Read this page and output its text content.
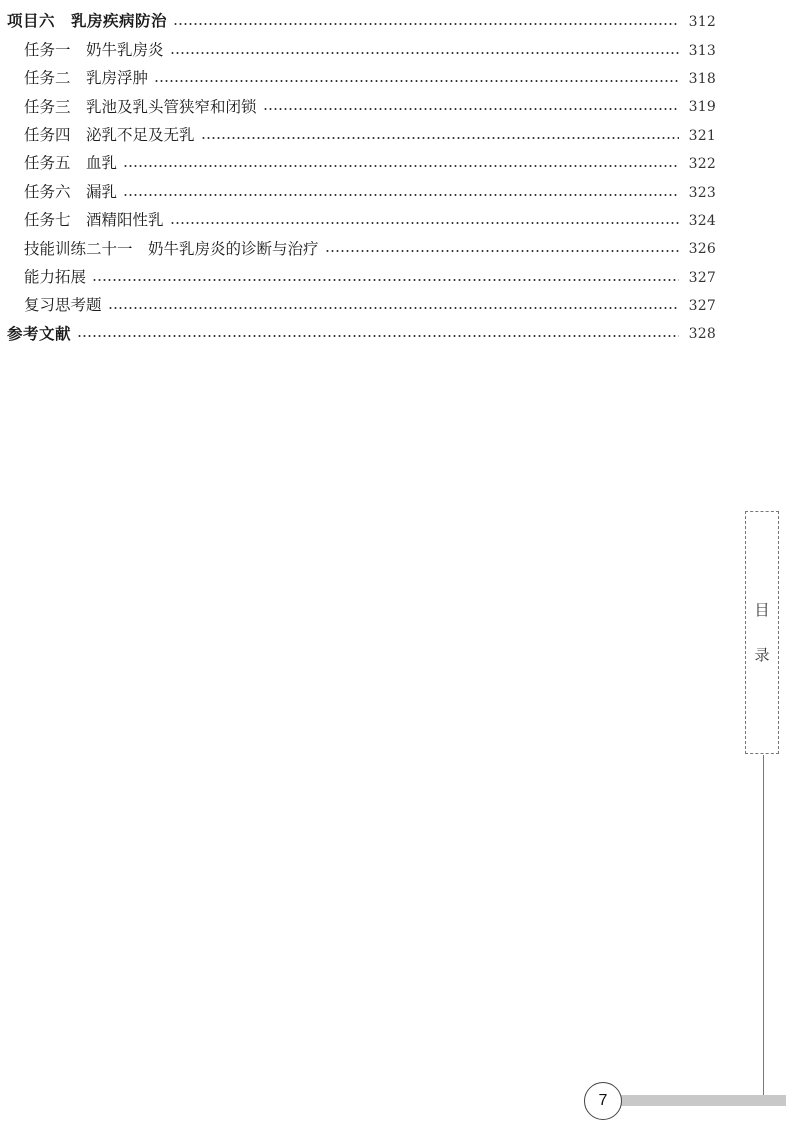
项目六　乳房疾病防治	312
任务一　奶牛乳房炎	313
任务二　乳房浮肿	318
任务三　乳池及乳头管狭窄和闭锁	319
任务四　泌乳不足及无乳	321
任务五　血乳	322
任务六　漏乳	323
任务七　酒精阳性乳	324
技能训练二十一　奶牛乳房炎的诊断与治疗	326
能力拓展	327
复习思考题	327
参考文献	328
目
录
7
